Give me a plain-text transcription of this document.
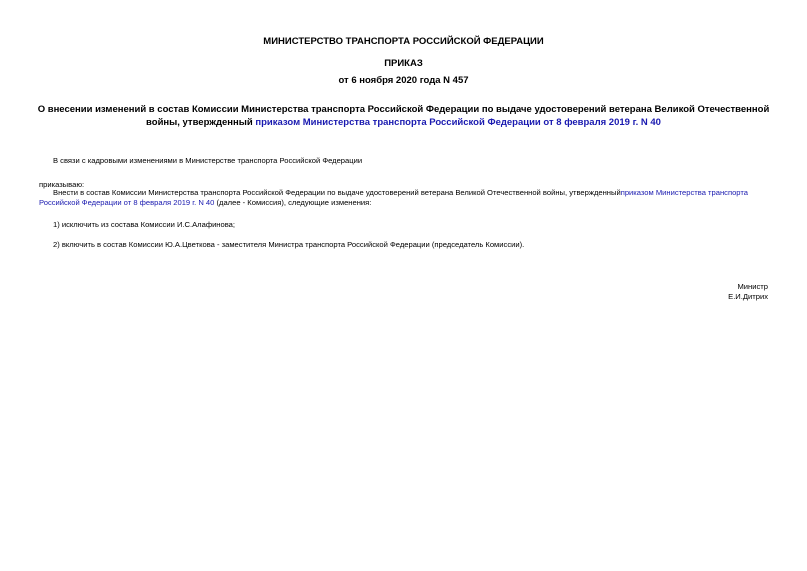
МИНИСТЕРСТВО ТРАНСПОРТА РОССИЙСКОЙ ФЕДЕРАЦИИ
ПРИКАЗ
от 6 ноября 2020 года N 457
О внесении изменений в состав Комиссии Министерства транспорта Российской Федерации по выдаче удостоверений ветерана Великой Отечественной войны, утвержденный приказом Министерства транспорта Российской Федерации от 8 февраля 2019 г. N 40
В связи с кадровыми изменениями в Министерстве транспорта Российской Федерации
приказываю:
Внести в состав Комиссии Министерства транспорта Российской Федерации по выдаче удостоверений ветерана Великой Отечественной войны, утвержденныйприказом Министерства транспорта Российской Федерации от 8 февраля 2019 г. N 40 (далее - Комиссия), следующие изменения:
1) исключить из состава Комиссии И.С.Алафинова;
2) включить в состав Комиссии Ю.А.Цветкова - заместителя Министра транспорта Российской Федерации (председатель Комиссии).
Министр
Е.И.Дитрих
